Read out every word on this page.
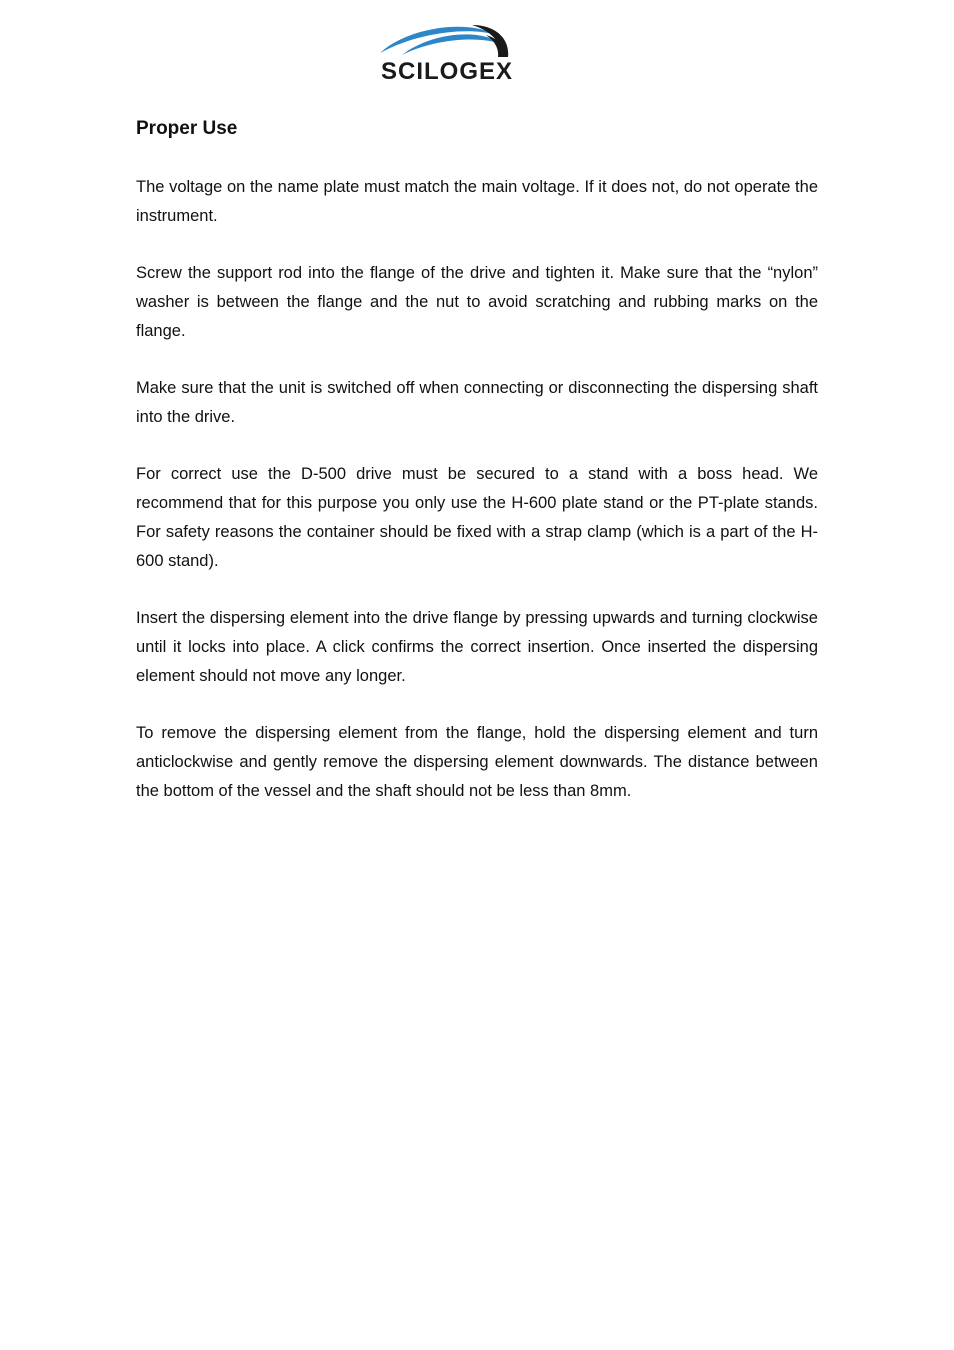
SCILOGEX
Proper Use

The voltage on the name plate must match the main voltage. If it does not, do not operate the instrument.

Screw the support rod into the flange of the drive and tighten it. Make sure that the “nylon” washer is between the flange and the nut to avoid scratching and rubbing marks on the flange.

Make sure that the unit is switched off when connecting or disconnecting the dispersing shaft into the drive.

For correct use the D-500 drive must be secured to a stand with a boss head. We recommend that for this purpose you only use the H-600 plate stand or the PT-plate stands. For safety reasons the container should be fixed with a strap clamp (which is a part of the H-600 stand).

Insert the dispersing element into the drive flange by pressing upwards and turning clockwise until it locks into place. A click confirms the correct insertion. Once inserted the dispersing element should not move any longer.

To remove the dispersing element from the flange, hold the dispersing element and turn anticlockwise and gently remove the dispersing element downwards. The distance between the bottom of the vessel and the shaft should not be less than 8mm.
